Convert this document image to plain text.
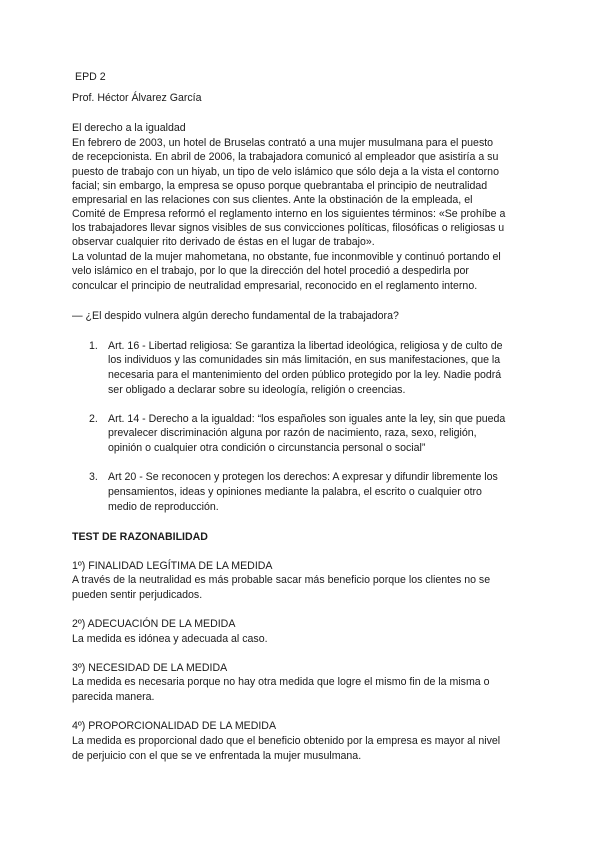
EPD 2
Prof. Héctor Álvarez García
El derecho a la igualdad
En febrero de 2003, un hotel de Bruselas contrató a una mujer musulmana para el puesto
de recepcionista. En abril de 2006, la trabajadora comunicó al empleador que asistiría a su
puesto de trabajo con un hiyab, un tipo de velo islámico que sólo deja a la vista el contorno
facial; sin embargo, la empresa se opuso porque quebrantaba el principio de neutralidad
empresarial en las relaciones con sus clientes. Ante la obstinación de la empleada, el
Comité de Empresa reformó el reglamento interno en los siguientes términos: «Se prohíbe a
los trabajadores llevar signos visibles de sus convicciones políticas, filosóficas o religiosas u
observar cualquier rito derivado de éstas en el lugar de trabajo».
La voluntad de la mujer mahometana, no obstante, fue inconmovible y continuó portando el
velo islámico en el trabajo, por lo que la dirección del hotel procedió a despedirla por
conculcar el principio de neutralidad empresarial, reconocido en el reglamento interno.
— ¿El despido vulnera algún derecho fundamental de la trabajadora?
1. Art. 16 - Libertad religiosa: Se garantiza la libertad ideológica, religiosa y de culto de
los individuos y las comunidades sin más limitación, en sus manifestaciones, que la
necesaria para el mantenimiento del orden público protegido por la ley. Nadie podrá
ser obligado a declarar sobre su ideología, religión o creencias.
2. Art. 14 - Derecho a la igualdad: “los españoles son iguales ante la ley, sin que pueda
prevalecer discriminación alguna por razón de nacimiento, raza, sexo, religión,
opinión o cualquier otra condición o circunstancia personal o social”
3. Art 20 - Se reconocen y protegen los derechos: A expresar y difundir libremente los
pensamientos, ideas y opiniones mediante la palabra, el escrito o cualquier otro
medio de reproducción.
TEST DE RAZONABILIDAD
1º) FINALIDAD LEGÍTIMA DE LA MEDIDA
A través de la neutralidad es más probable sacar más beneficio porque los clientes no se
pueden sentir perjudicados.
2º) ADECUACIÓN DE LA MEDIDA
La medida es idónea y adecuada al caso.
3º) NECESIDAD DE LA MEDIDA
La medida es necesaria porque no hay otra medida que logre el mismo fin de la misma o
parecida manera.
4º) PROPORCIONALIDAD DE LA MEDIDA
La medida es proporcional dado que el beneficio obtenido por la empresa es mayor al nivel
de perjuicio con el que se ve enfrentada la mujer musulmana.
